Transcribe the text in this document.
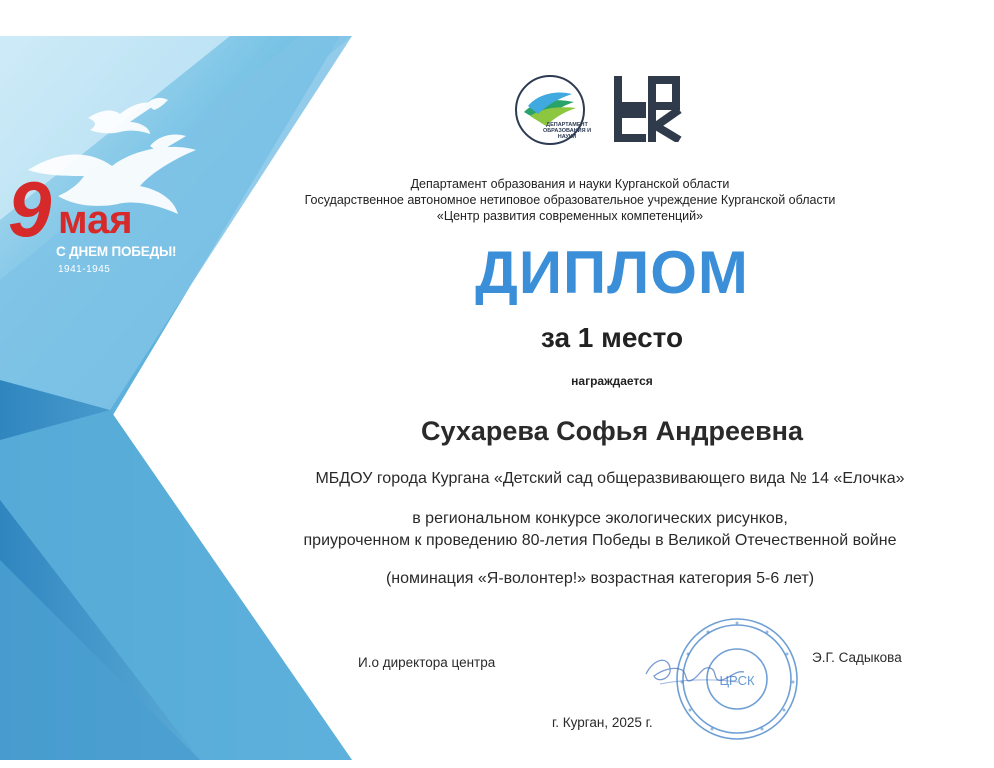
9 мая
С ДНЕМ ПОБЕДЫ!
1941-1945
ДЕПАРТАМЕНТ ОБРАЗОВАНИЯ И НАУКИ
Департамент образования и науки Курганской области
Государственное автономное нетиповое образовательное учреждение Курганской области
«Центр развития современных компетенций»
ДИПЛОМ
за 1 место
награждается
Сухарева Софья Андреевна
МБДОУ города Кургана «Детский сад общеразвивающего вида № 14 «Елочка»
в региональном конкурсе экологических рисунков,
приуроченном к проведению 80-летия Победы в Великой Отечественной войне
(номинация «Я-волонтер!» возрастная категория 5-6 лет)
И.о директора центра	Э.Г. Садыкова
ЦРСК
г. Курган, 2025 г.
